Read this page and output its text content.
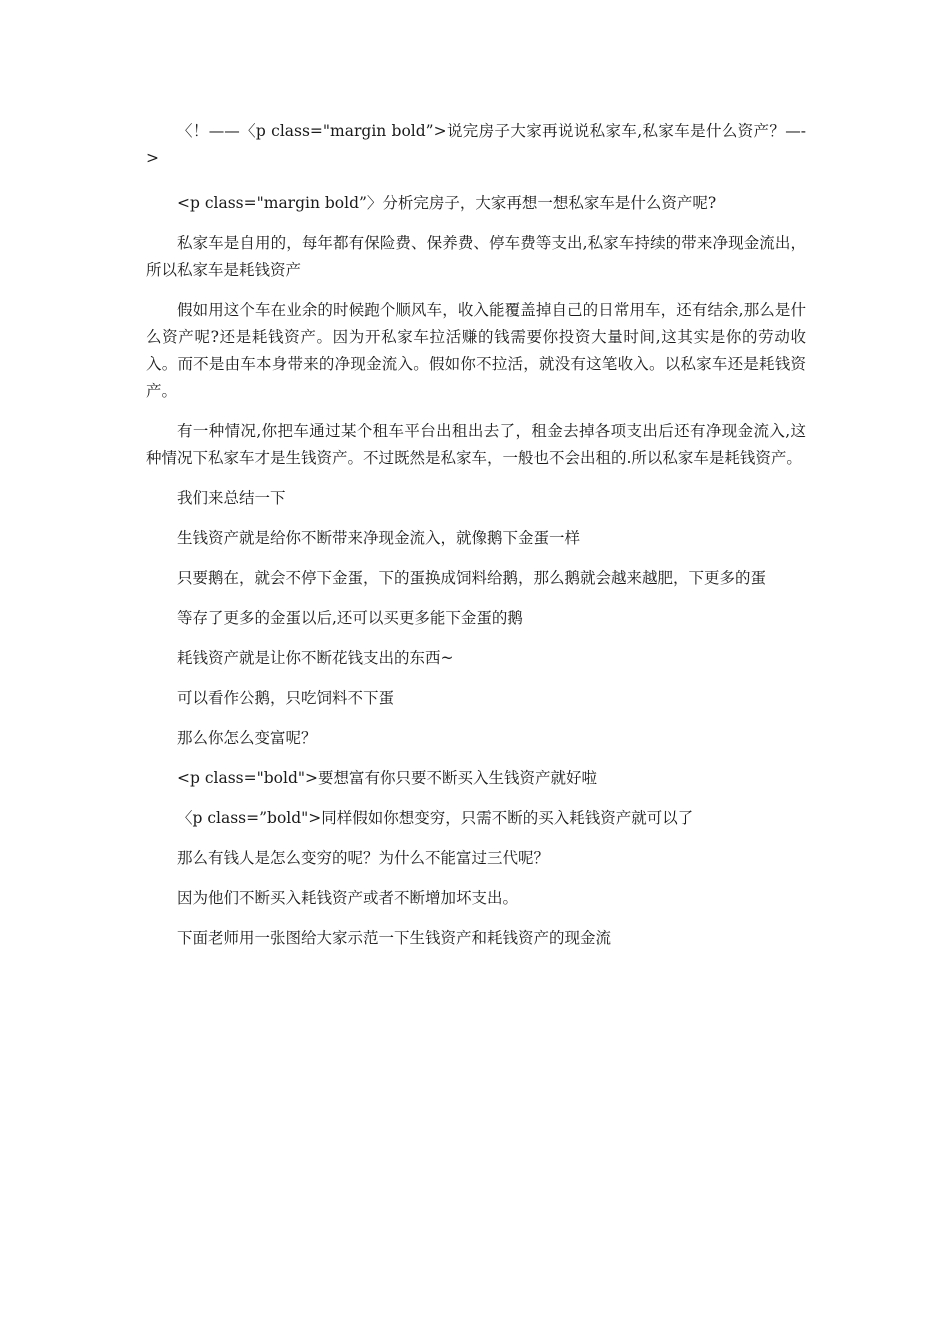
〈！——〈p class="margin bold”>说完房子大家再说说私家车,私家车是什么资产？—->

<p class="margin bold”〉分析完房子，大家再想一想私家车是什么资产呢?

私家车是自用的，每年都有保险费、保养费、停车费等支出,私家车持续的带来净现金流出，所以私家车是耗钱资产

假如用这个车在业余的时候跑个顺风车，收入能覆盖掉自己的日常用车，还有结余,那么是什么资产呢?还是耗钱资产。因为开私家车拉活赚的钱需要你投资大量时间,这其实是你的劳动收入。而不是由车本身带来的净现金流入。假如你不拉活，就没有这笔收入。以私家车还是耗钱资产。

有一种情况,你把车通过某个租车平台出租出去了，租金去掉各项支出后还有净现金流入,这种情况下私家车才是生钱资产。不过既然是私家车，一般也不会出租的.所以私家车是耗钱资产。

我们来总结一下

生钱资产就是给你不断带来净现金流入，就像鹅下金蛋一样

只要鹅在，就会不停下金蛋，下的蛋换成饲料给鹅，那么鹅就会越来越肥，下更多的蛋

等存了更多的金蛋以后,还可以买更多能下金蛋的鹅

耗钱资产就是让你不断花钱支出的东西~

可以看作公鹅，只吃饲料不下蛋

那么你怎么变富呢？

<p class="bold">要想富有你只要不断买入生钱资产就好啦

〈p class=”bold">同样假如你想变穷，只需不断的买入耗钱资产就可以了

那么有钱人是怎么变穷的呢？为什么不能富过三代呢？

因为他们不断买入耗钱资产或者不断增加坏支出。

下面老师用一张图给大家示范一下生钱资产和耗钱资产的现金流
